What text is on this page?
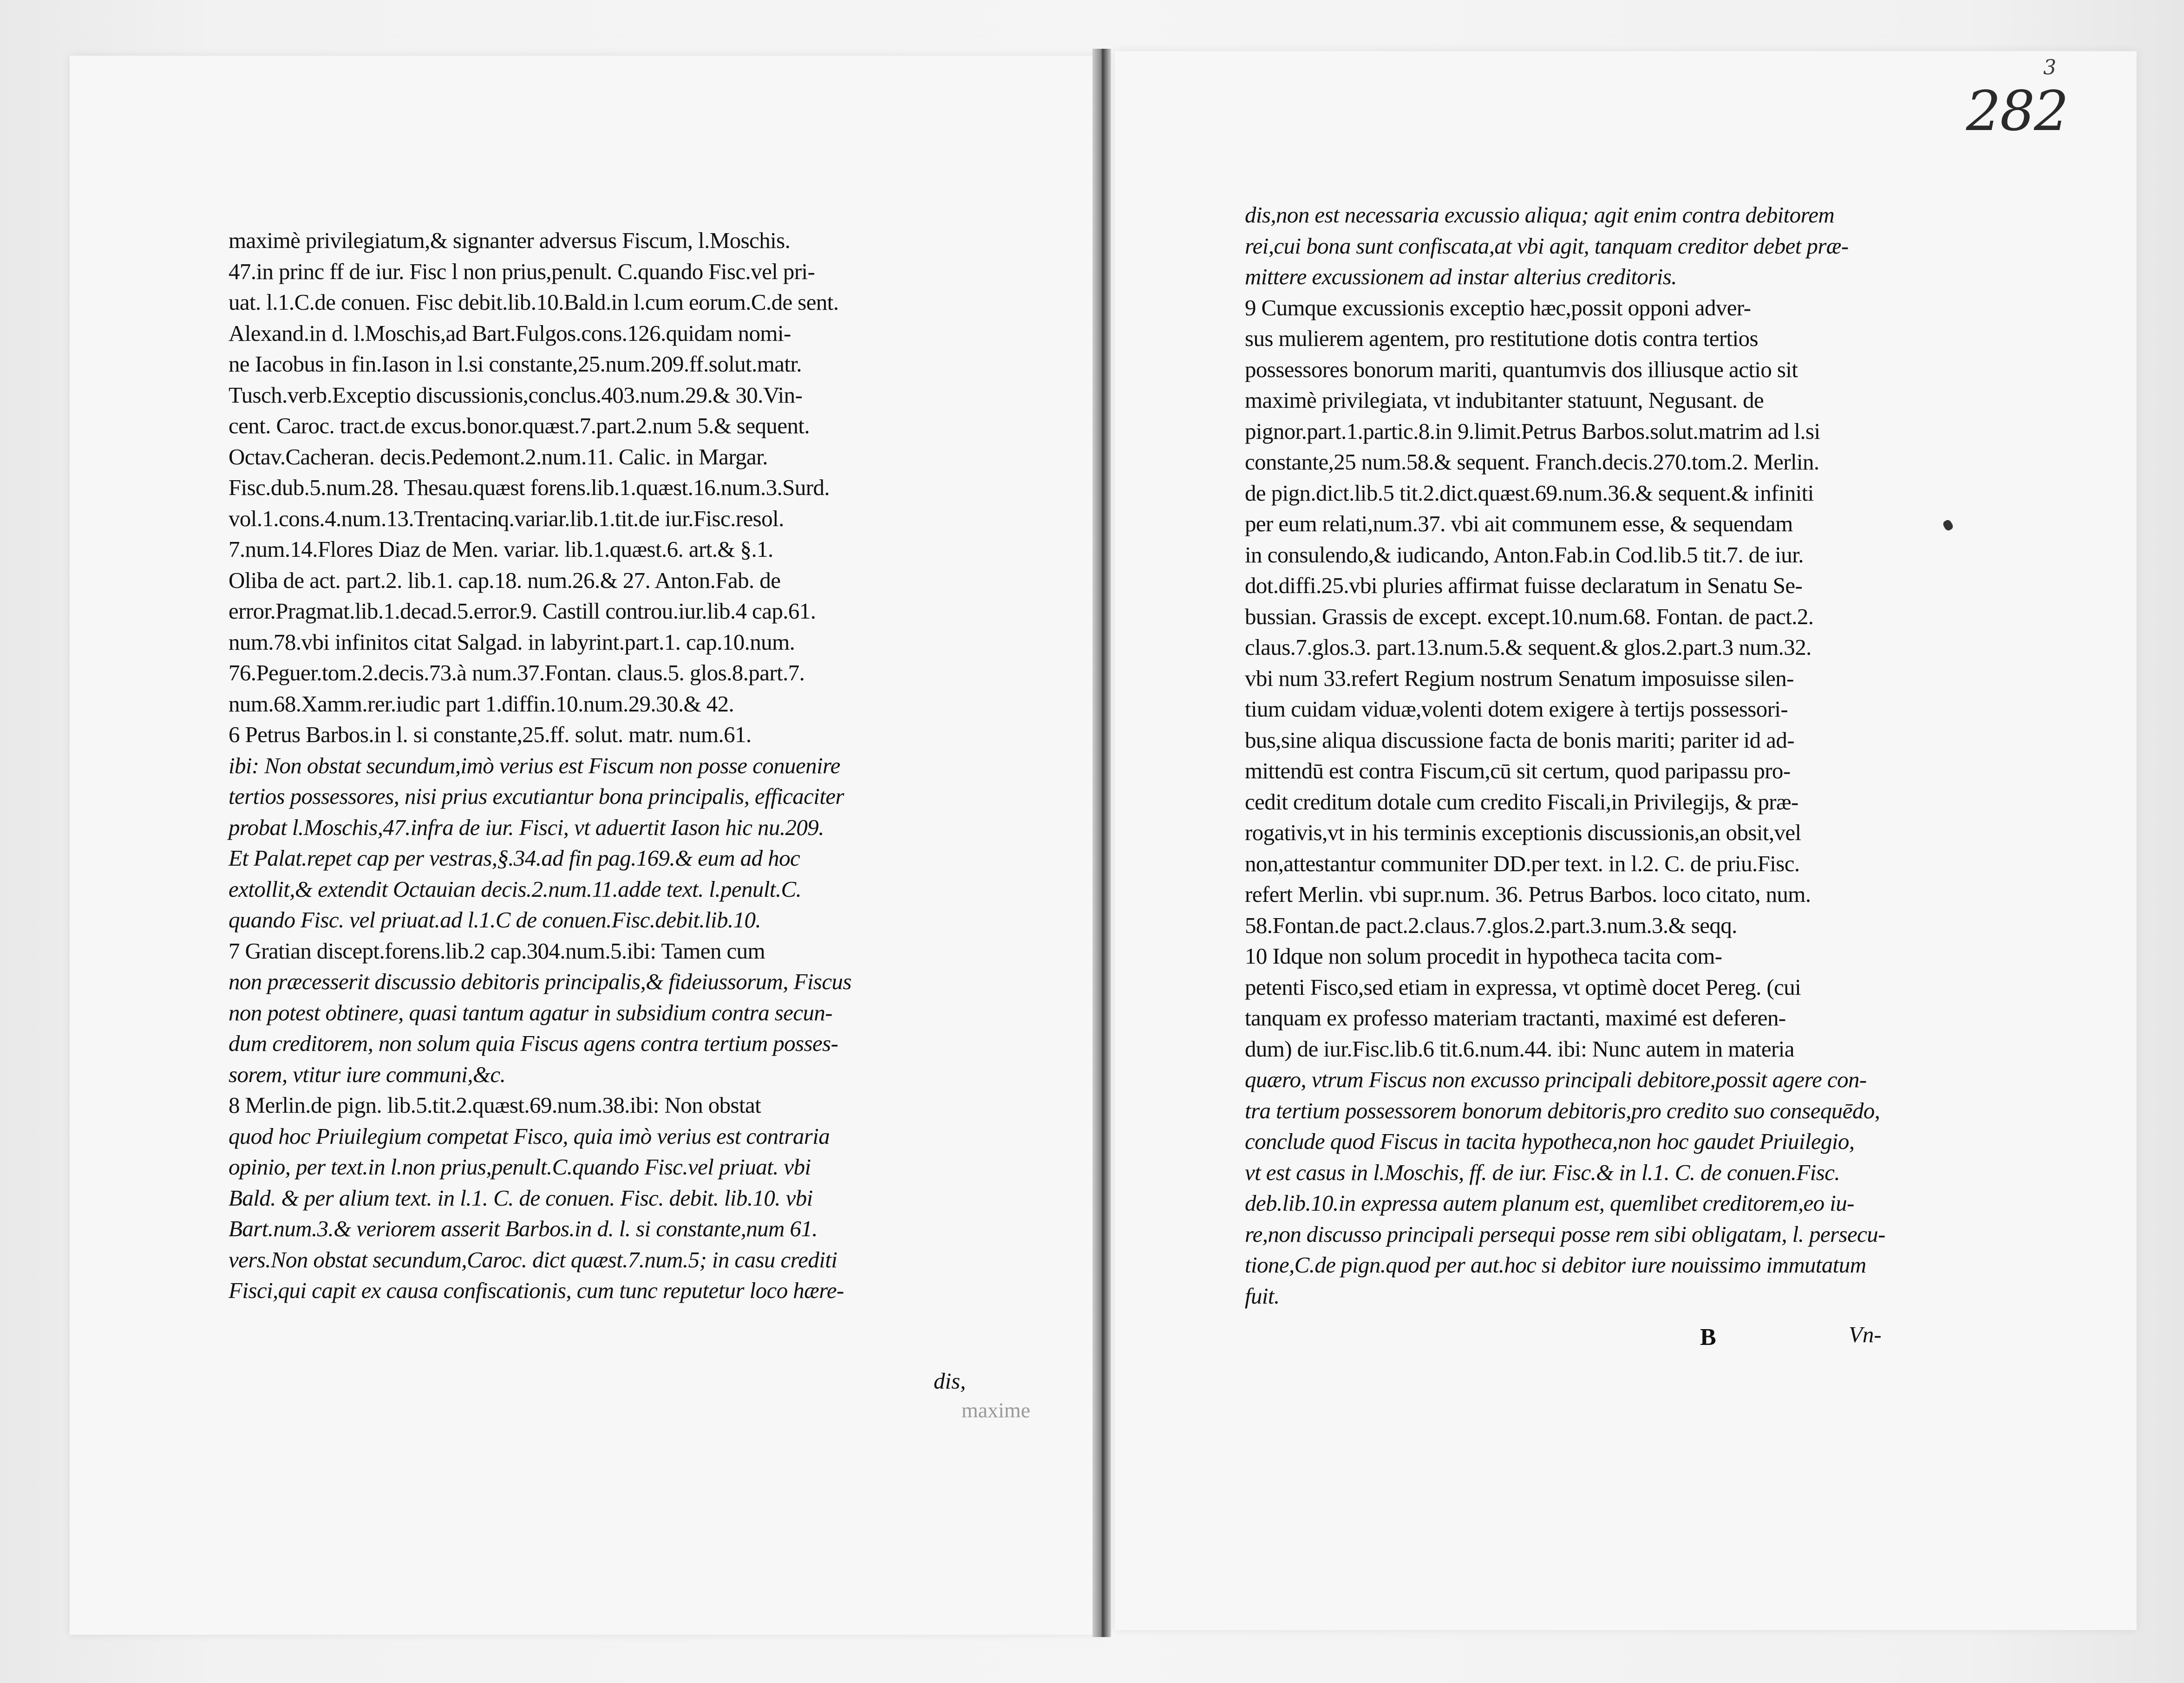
3
282
maximè privilegiatum,& signanter adversus Fiscum, l.Moschis.
47.in princ ff de iur. Fisc l non prius,penult. C.quando Fisc.vel pri-
uat. l.1.C.de conuen. Fisc debit.lib.10.Bald.in l.cum eorum.C.de sent.
Alexand.in d. l.Moschis,ad Bart.Fulgos.cons.126.quidam nomi-
ne Iacobus in fin.Iason in l.si constante,25.num.209.ff.solut.matr.
Tusch.verb.Exceptio discussionis,conclus.403.num.29.& 30.Vin-
cent. Caroc. tract.de excus.bonor.quæst.7.part.2.num 5.& sequent.
Octav.Cacheran. decis.Pedemont.2.num.11. Calic. in Margar.
Fisc.dub.5.num.28. Thesau.quæst forens.lib.1.quæst.16.num.3.Surd.
vol.1.cons.4.num.13.Trentacinq.variar.lib.1.tit.de iur.Fisc.resol.
7.num.14.Flores Diaz de Men. variar. lib.1.quæst.6. art.& §.1.
Oliba de act. part.2. lib.1. cap.18. num.26.& 27. Anton.Fab. de
error.Pragmat.lib.1.decad.5.error.9. Castill controu.iur.lib.4 cap.61.
num.78.vbi infinitos citat Salgad. in labyrint.part.1. cap.10.num.
76.Peguer.tom.2.decis.73.à num.37.Fontan. claus.5. glos.8.part.7.
num.68.Xamm.rer.iudic part 1.diffin.10.num.29.30.& 42.
6 Petrus Barbos.in l. si constante,25.ff. solut. matr. num.61.
ibi: Non obstat secundum,imò verius est Fiscum non posse conuenire
tertios possessores, nisi prius excutiantur bona principalis, efficaciter
probat l.Moschis,47.infra de iur. Fisci, vt aduertit Iason hic nu.209.
Et Palat.repet cap per vestras,§.34.ad fin pag.169.& eum ad hoc
extollit,& extendit Octauian decis.2.num.11.adde text. l.penult.C.
quando Fisc. vel priuat.ad l.1.C de conuen.Fisc.debit.lib.10.
7 Gratian discept.forens.lib.2 cap.304.num.5.ibi: Tamen cum
non præcesserit discussio debitoris principalis,& fideiussorum, Fiscus
non potest obtinere, quasi tantum agatur in subsidium contra secun-
dum creditorem, non solum quia Fiscus agens contra tertium posses-
sorem, vtitur iure communi,&c.
8 Merlin.de pign. lib.5.tit.2.quæst.69.num.38.ibi: Non obstat
quod hoc Priuilegium competat Fisco, quia imò verius est contraria
opinio, per text.in l.non prius,penult.C.quando Fisc.vel priuat. vbi
Bald. & per alium text. in l.1. C. de conuen. Fisc. debit. lib.10. vbi
Bart.num.3.& veriorem asserit Barbos.in d. l. si constante,num 61.
vers.Non obstat secundum,Caroc. dict quæst.7.num.5; in casu crediti
Fisci,qui capit ex causa confiscationis, cum tunc reputetur loco hære-
dis,
maxime
dis,non est necessaria excussio aliqua; agit enim contra debitorem
rei,cui bona sunt confiscata,at vbi agit, tanquam creditor debet præ-
mittere excussionem ad instar alterius creditoris.
9 Cumque excussionis exceptio hæc,possit opponi adver-
sus mulierem agentem, pro restitutione dotis contra tertios
possessores bonorum mariti, quantumvis dos illiusque actio sit
maximè privilegiata, vt indubitanter statuunt, Negusant. de
pignor.part.1.partic.8.in 9.limit.Petrus Barbos.solut.matrim ad l.si
constante,25 num.58.& sequent. Franch.decis.270.tom.2. Merlin.
de pign.dict.lib.5 tit.2.dict.quæst.69.num.36.& sequent.& infiniti
per eum relati,num.37. vbi ait communem esse, & sequendam
in consulendo,& iudicando, Anton.Fab.in Cod.lib.5 tit.7. de iur.
dot.diffi.25.vbi pluries affirmat fuisse declaratum in Senatu Se-
bussian. Grassis de except. except.10.num.68. Fontan. de pact.2.
claus.7.glos.3. part.13.num.5.& sequent.& glos.2.part.3 num.32.
vbi num 33.refert Regium nostrum Senatum imposuisse silen-
tium cuidam viduæ,volenti dotem exigere à tertijs possessori-
bus,sine aliqua discussione facta de bonis mariti; pariter id ad-
mittendū est contra Fiscum,cū sit certum, quod paripassu pro-
cedit creditum dotale cum credito Fiscali,in Privilegijs, & præ-
rogativis,vt in his terminis exceptionis discussionis,an obsit,vel
non,attestantur communiter DD.per text. in l.2. C. de priu.Fisc.
refert Merlin. vbi supr.num. 36. Petrus Barbos. loco citato, num.
58.Fontan.de pact.2.claus.7.glos.2.part.3.num.3.& seqq.
10 Idque non solum procedit in hypotheca tacita com-
petenti Fisco,sed etiam in expressa, vt optimè docet Pereg. (cui
tanquam ex professo materiam tractanti, maximé est deferen-
dum) de iur.Fisc.lib.6 tit.6.num.44. ibi: Nunc autem in materia
quæro, vtrum Fiscus non excusso principali debitore,possit agere con-
tra tertium possessorem bonorum debitoris,pro credito suo consequēdo,
conclude quod Fiscus in tacita hypotheca,non hoc gaudet Priuilegio,
vt est casus in l.Moschis, ff. de iur. Fisc.& in l.1. C. de conuen.Fisc.
deb.lib.10.in expressa autem planum est, quemlibet creditorem,eo iu-
re,non discusso principali persequi posse rem sibi obligatam, l. persecu-
tione,C.de pign.quod per aut.hoc si debitor iure nouissimo immutatum
fuit.
B	Vn-
